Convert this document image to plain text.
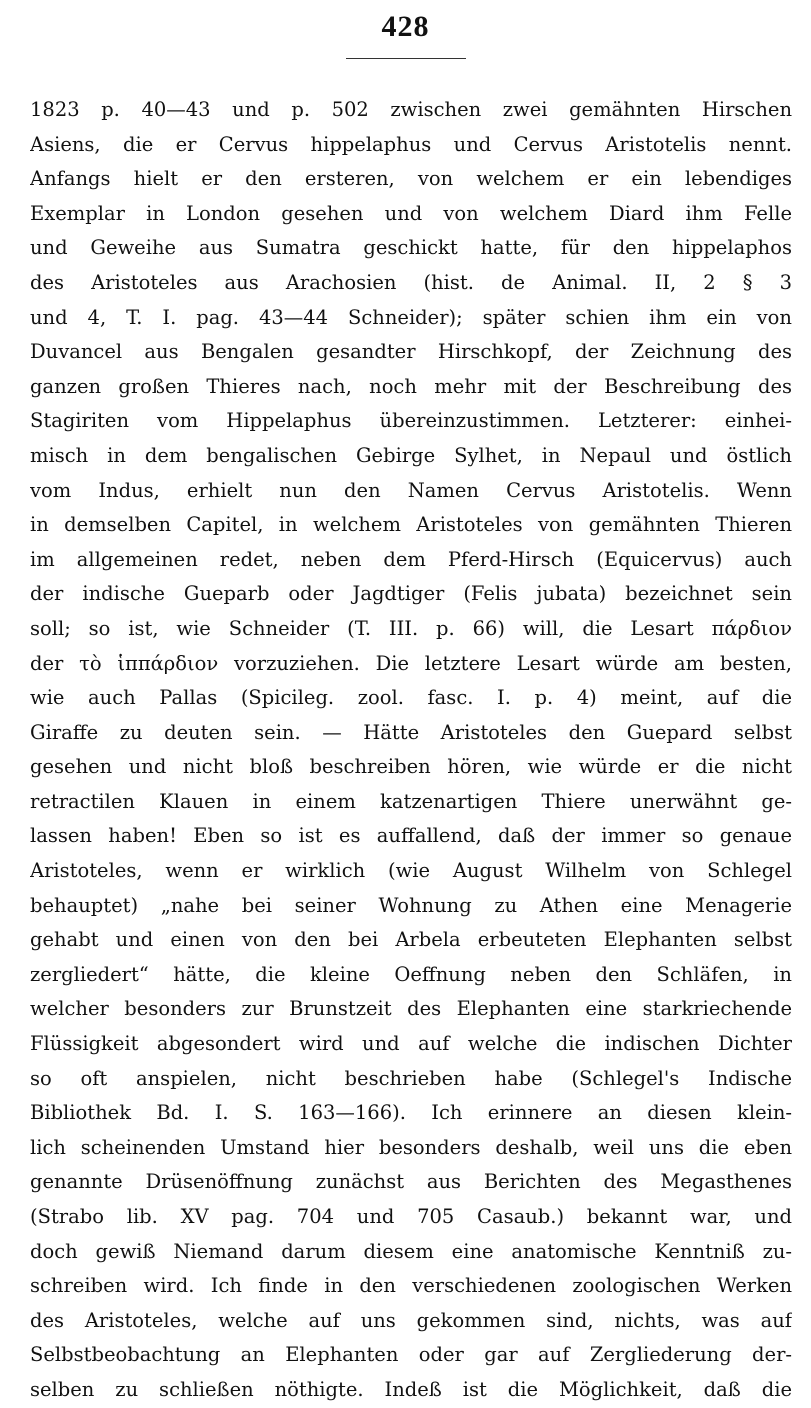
428
1823 p. 40—43 und p. 502 zwischen zwei gemähnten Hirschen
Asiens, die er Cervus hippelaphus und Cervus Aristotelis nennt.
Anfangs hielt er den ersteren, von welchem er ein lebendiges
Exemplar in London gesehen und von welchem Diard ihm Felle
und Geweihe aus Sumatra geschickt hatte, für den hippelaphos
des Aristoteles aus Arachosien (hist. de Animal. II, 2 § 3
und 4, T. I. pag. 43—44 Schneider); später schien ihm ein von
Duvancel aus Bengalen gesandter Hirschkopf, der Zeichnung des
ganzen großen Thieres nach, noch mehr mit der Beschreibung des
Stagiriten vom Hippelaphus übereinzustimmen. Letzterer: einhei-
misch in dem bengalischen Gebirge Sylhet, in Nepaul und östlich
vom Indus, erhielt nun den Namen Cervus Aristotelis. Wenn
in demselben Capitel, in welchem Aristoteles von gemähnten Thieren
im allgemeinen redet, neben dem Pferd-Hirsch (Equicervus) auch
der indische Gueparb oder Jagdtiger (Felis jubata) bezeichnet sein
soll; so ist, wie Schneider (T. III. p. 66) will, die Lesart πάρδιον
der τὸ ἱππάρδιον vorzuziehen. Die letztere Lesart würde am besten,
wie auch Pallas (Spicileg. zool. fasc. I. p. 4) meint, auf die
Giraffe zu deuten sein. — Hätte Aristoteles den Guepard selbst
gesehen und nicht bloß beschreiben hören, wie würde er die nicht
retractilen Klauen in einem katzenartigen Thiere unerwähnt ge-
lassen haben! Eben so ist es auffallend, daß der immer so genaue
Aristoteles, wenn er wirklich (wie August Wilhelm von Schlegel
behauptet) „nahe bei seiner Wohnung zu Athen eine Menagerie
gehabt und einen von den bei Arbela erbeuteten Elephanten selbst
zergliedert“ hätte, die kleine Oeffnung neben den Schläfen, in
welcher besonders zur Brunstzeit des Elephanten eine starkriechende
Flüssigkeit abgesondert wird und auf welche die indischen Dichter
so oft anspielen, nicht beschrieben habe (Schlegel's Indische
Bibliothek Bd. I. S. 163—166). Ich erinnere an diesen klein-
lich scheinenden Umstand hier besonders deshalb, weil uns die eben
genannte Drüsenöffnung zunächst aus Berichten des Megasthenes
(Strabo lib. XV pag. 704 und 705 Casaub.) bekannt war, und
doch gewiß Niemand darum diesem eine anatomische Kenntniß zu-
schreiben wird. Ich finde in den verschiedenen zoologischen Werken
des Aristoteles, welche auf uns gekommen sind, nichts, was auf
Selbstbeobachtung an Elephanten oder gar auf Zergliederung der-
selben zu schließen nöthigte. Indeß ist die Möglichkeit, daß die
